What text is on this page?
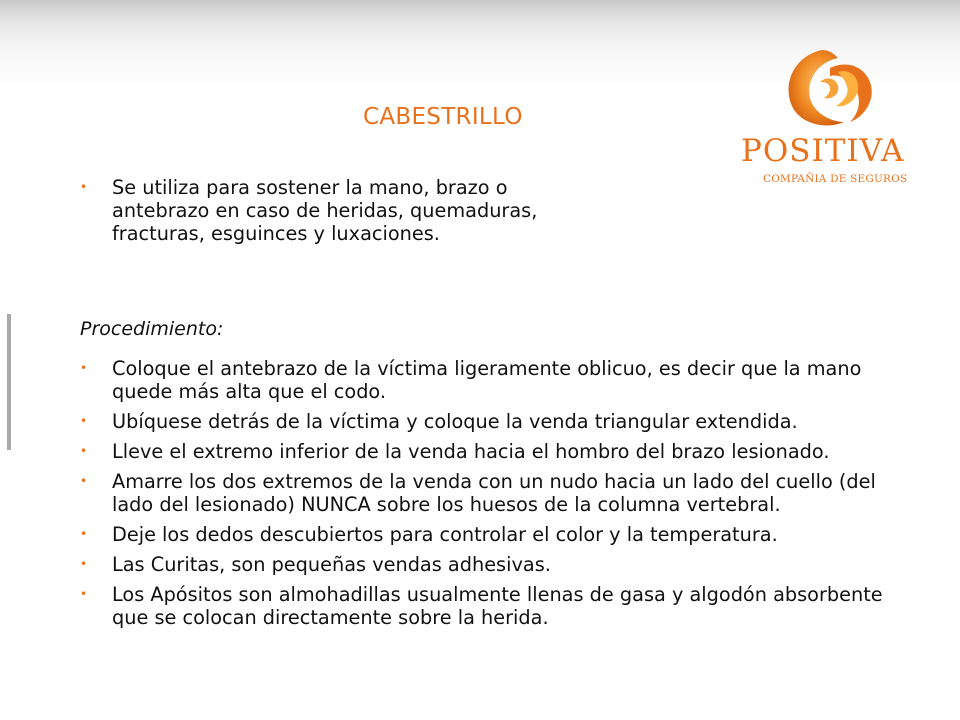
CABESTRILLO
POSITIVA
COMPAÑIA DE SEGUROS
• Se utiliza para sostener la mano, brazo o antebrazo en caso de heridas, quemaduras, fracturas, esguinces y luxaciones.
Procedimiento:
• Coloque el antebrazo de la víctima ligeramente oblicuo, es decir que la mano quede más alta que el codo.
• Ubíquese detrás de la víctima y coloque la venda triangular extendida.
• Lleve el extremo inferior de la venda hacia el hombro del brazo lesionado.
• Amarre los dos extremos de la venda con un nudo hacia un lado del cuello (del lado del lesionado) NUNCA sobre los huesos de la columna vertebral.
• Deje los dedos descubiertos para controlar el color y la temperatura.
• Las Curitas, son pequeñas vendas adhesivas.
• Los Apósitos son almohadillas usualmente llenas de gasa y algodón absorbente que se colocan directamente sobre la herida.
